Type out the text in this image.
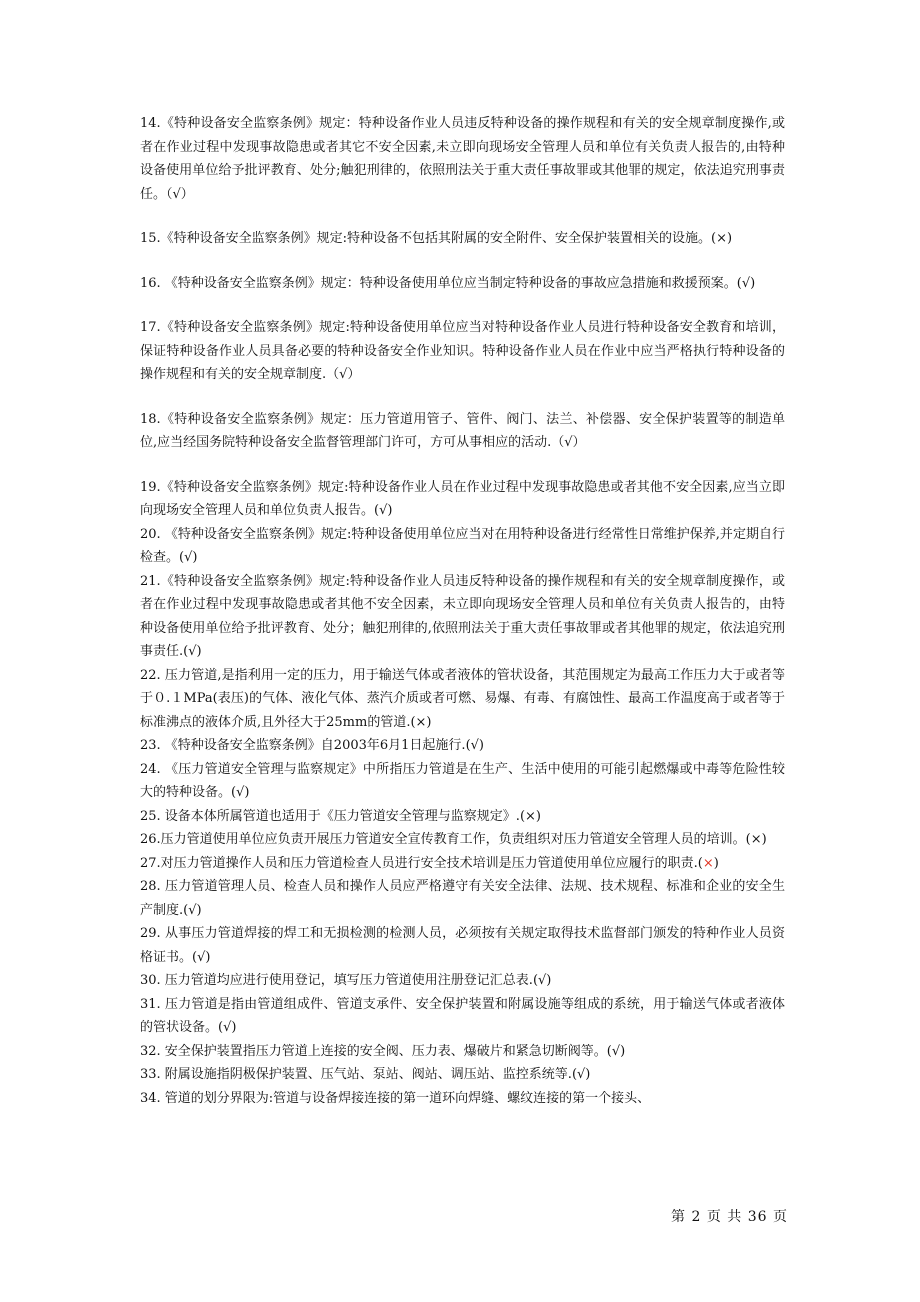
14.《特种设备安全监察条例》规定：特种设备作业人员违反特种设备的操作规程和有关的安全规章制度操作,或者在作业过程中发现事故隐患或者其它不安全因素,未立即向现场安全管理人员和单位有关负责人报告的,由特种设备使用单位给予批评教育、处分;触犯刑律的，依照刑法关于重大责任事故罪或其他罪的规定，依法追究刑事责任。（√）

15.《特种设备安全监察条例》规定:特种设备不包括其附属的安全附件、安全保护装置相关的设施。(×)

16. 《特种设备安全监察条例》规定：特种设备使用单位应当制定特种设备的事故应急措施和救援预案。(√)

17.《特种设备安全监察条例》规定:特种设备使用单位应当对特种设备作业人员进行特种设备安全教育和培训，保证特种设备作业人员具备必要的特种设备安全作业知识。特种设备作业人员在作业中应当严格执行特种设备的操作规程和有关的安全规章制度.（√）

18.《特种设备安全监察条例》规定：压力管道用管子、管件、阀门、法兰、补偿器、安全保护装置等的制造单位,应当经国务院特种设备安全监督管理部门许可，方可从事相应的活动.（√）

19.《特种设备安全监察条例》规定:特种设备作业人员在作业过程中发现事故隐患或者其他不安全因素,应当立即向现场安全管理人员和单位负责人报告。(√)

20. 《特种设备安全监察条例》规定:特种设备使用单位应当对在用特种设备进行经常性日常维护保养,并定期自行检查。(√)

21.《特种设备安全监察条例》规定:特种设备作业人员违反特种设备的操作规程和有关的安全规章制度操作，或者在作业过程中发现事故隐患或者其他不安全因素，未立即向现场安全管理人员和单位有关负责人报告的，由特种设备使用单位给予批评教育、处分；触犯刑律的,依照刑法关于重大责任事故罪或者其他罪的规定，依法追究刑事责任.(√)

22. 压力管道,是指利用一定的压力，用于输送气体或者液体的管状设备，其范围规定为最高工作压力大于或者等于０.１MPa(表压)的气体、液化气体、蒸汽介质或者可燃、易爆、有毒、有腐蚀性、最高工作温度高于或者等于标准沸点的液体介质,且外径大于25mm的管道.(×)

23. 《特种设备安全监察条例》自2003年6月1日起施行.(√)

24. 《压力管道安全管理与监察规定》中所指压力管道是在生产、生活中使用的可能引起燃爆或中毒等危险性较大的特种设备。(√)

25. 设备本体所属管道也适用于《压力管道安全管理与监察规定》.(×)

26.压力管道使用单位应负责开展压力管道安全宣传教育工作，负责组织对压力管道安全管理人员的培训。(×)

27.对压力管道操作人员和压力管道检查人员进行安全技术培训是压力管道使用单位应履行的职责.(×)

28. 压力管道管理人员、检查人员和操作人员应严格遵守有关安全法律、法规、技术规程、标准和企业的安全生产制度.(√)

29. 从事压力管道焊接的焊工和无损检测的检测人员，必须按有关规定取得技术监督部门颁发的特种作业人员资格证书。(√)

30. 压力管道均应进行使用登记，填写压力管道使用注册登记汇总表.(√)

31. 压力管道是指由管道组成件、管道支承件、安全保护装置和附属设施等组成的系统，用于输送气体或者液体的管状设备。(√)

32. 安全保护装置指压力管道上连接的安全阀、压力表、爆破片和紧急切断阀等。(√)

33. 附属设施指阴极保护装置、压气站、泵站、阀站、调压站、监控系统等.(√)

34. 管道的划分界限为:管道与设备焊接连接的第一道环向焊缝、螺纹连接的第一个接头、

第 2 页 共 36 页
